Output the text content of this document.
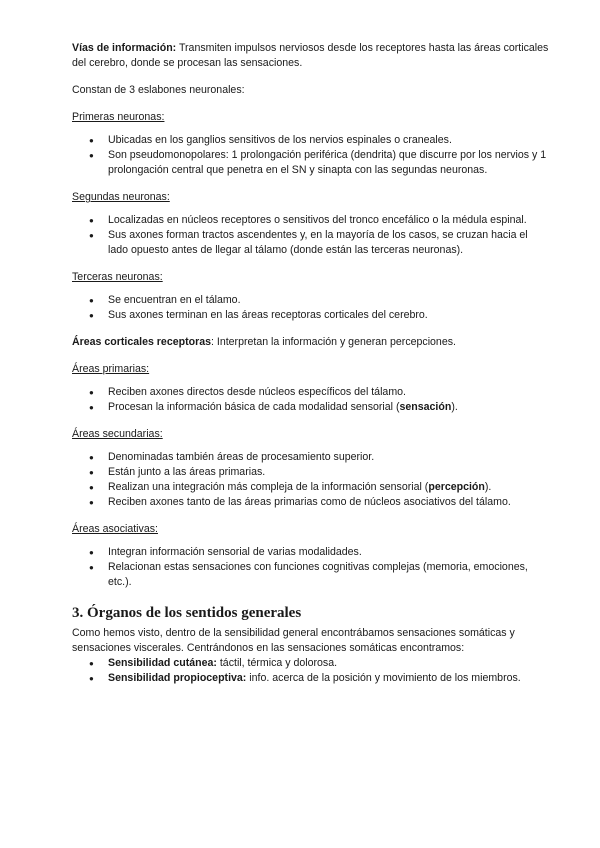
Vías de información: Transmiten impulsos nerviosos desde los receptores hasta las áreas corticales del cerebro, donde se procesan las sensaciones.

Constan de 3 eslabones neuronales:

Primeras neuronas:

● Ubicadas en los ganglios sensitivos de los nervios espinales o craneales.
● Son pseudomonopolares: 1 prolongación periférica (dendrita) que discurre por los nervios y 1 prolongación central que penetra en el SN y sinapta con las segundas neuronas.

Segundas neuronas:

● Localizadas en núcleos receptores o sensitivos del tronco encefálico o la médula espinal.
● Sus axones forman tractos ascendentes y, en la mayoría de los casos, se cruzan hacia el lado opuesto antes de llegar al tálamo (donde están las terceras neuronas).

Terceras neuronas:

● Se encuentran en el tálamo.
● Sus axones terminan en las áreas receptoras corticales del cerebro.

Áreas corticales receptoras: Interpretan la información y generan percepciones.

Áreas primarias:

● Reciben axones directos desde núcleos específicos del tálamo.
● Procesan la información básica de cada modalidad sensorial (sensación).

Áreas secundarias:

● Denominadas también áreas de procesamiento superior.
● Están junto a las áreas primarias.
● Realizan una integración más compleja de la información sensorial (percepción).
● Reciben axones tanto de las áreas primarias como de núcleos asociativos del tálamo.

Áreas asociativas:

● Integran información sensorial de varias modalidades.
● Relacionan estas sensaciones con funciones cognitivas complejas (memoria, emociones, etc.).
3. Órganos de los sentidos generales

Como hemos visto, dentro de la sensibilidad general encontrábamos sensaciones somáticas y sensaciones viscerales. Centrándonos en las sensaciones somáticas encontramos:

● Sensibilidad cutánea: táctil, térmica y dolorosa.
● Sensibilidad propioceptiva: info. acerca de la posición y movimiento de los miembros.
